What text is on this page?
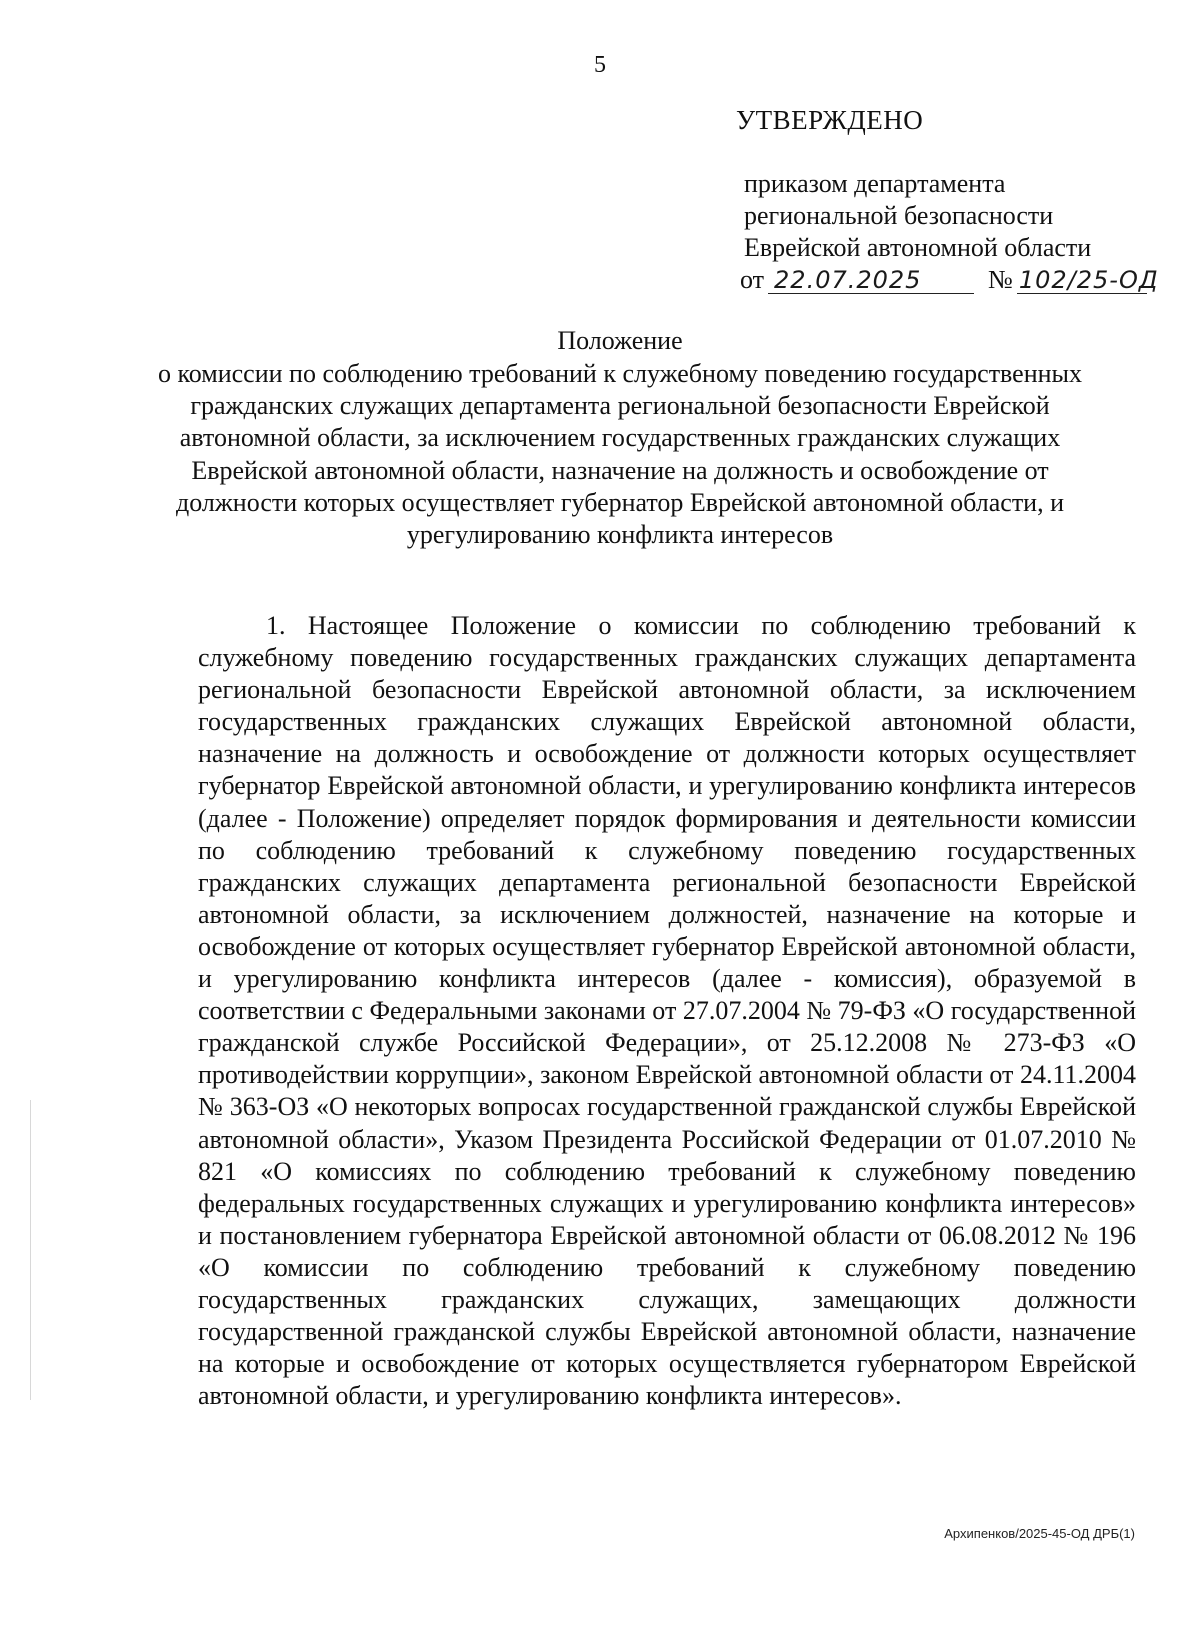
5
УТВЕРЖДЕНО
приказом департамента
региональной безопасности
Еврейской автономной области
от 22.07.2025	№ 102/25-ОД
Положение
о комиссии по соблюдению требований к служебному поведению государственных гражданских служащих департамента региональной безопасности Еврейской автономной области, за исключением государственных гражданских служащих Еврейской автономной области, назначение на должность и освобождение от должности которых осуществляет губернатор Еврейской автономной области, и урегулированию конфликта интересов
1. Настоящее Положение о комиссии по соблюдению требований к служебному поведению государственных гражданских служащих департамента региональной безопасности Еврейской автономной области, за исключением государственных гражданских служащих Еврейской автономной области, назначение на должность и освобождение от должности которых осуществляет губернатор Еврейской автономной области, и урегулированию конфликта интересов (далее - Положение) определяет порядок формирования и деятельности комиссии по соблюдению требований к служебному поведению государственных гражданских служащих департамента региональной безопасности Еврейской автономной области, за исключением должностей, назначение на которые и освобождение от которых осуществляет губернатор Еврейской автономной области, и урегулированию конфликта интересов (далее - комиссия), образуемой в соответствии с Федеральными законами от 27.07.2004 № 79-ФЗ «О государственной гражданской службе Российской Федерации», от 25.12.2008 № 273-ФЗ «О противодействии коррупции», законом Еврейской автономной области от 24.11.2004 № 363-ОЗ «О некоторых вопросах государственной гражданской службы Еврейской автономной области», Указом Президента Российской Федерации от 01.07.2010 № 821 «О комиссиях по соблюдению требований к служебному поведению федеральных государственных служащих и урегулированию конфликта интересов» и постановлением губернатора Еврейской автономной области от 06.08.2012 № 196 «О комиссии по соблюдению требований к служебному поведению государственных гражданских служащих, замещающих должности государственной гражданской службы Еврейской автономной области, назначение на которые и освобождение от которых осуществляется губернатором Еврейской автономной области, и урегулированию конфликта интересов».
Архипенков/2025-45-ОД ДРБ(1)
